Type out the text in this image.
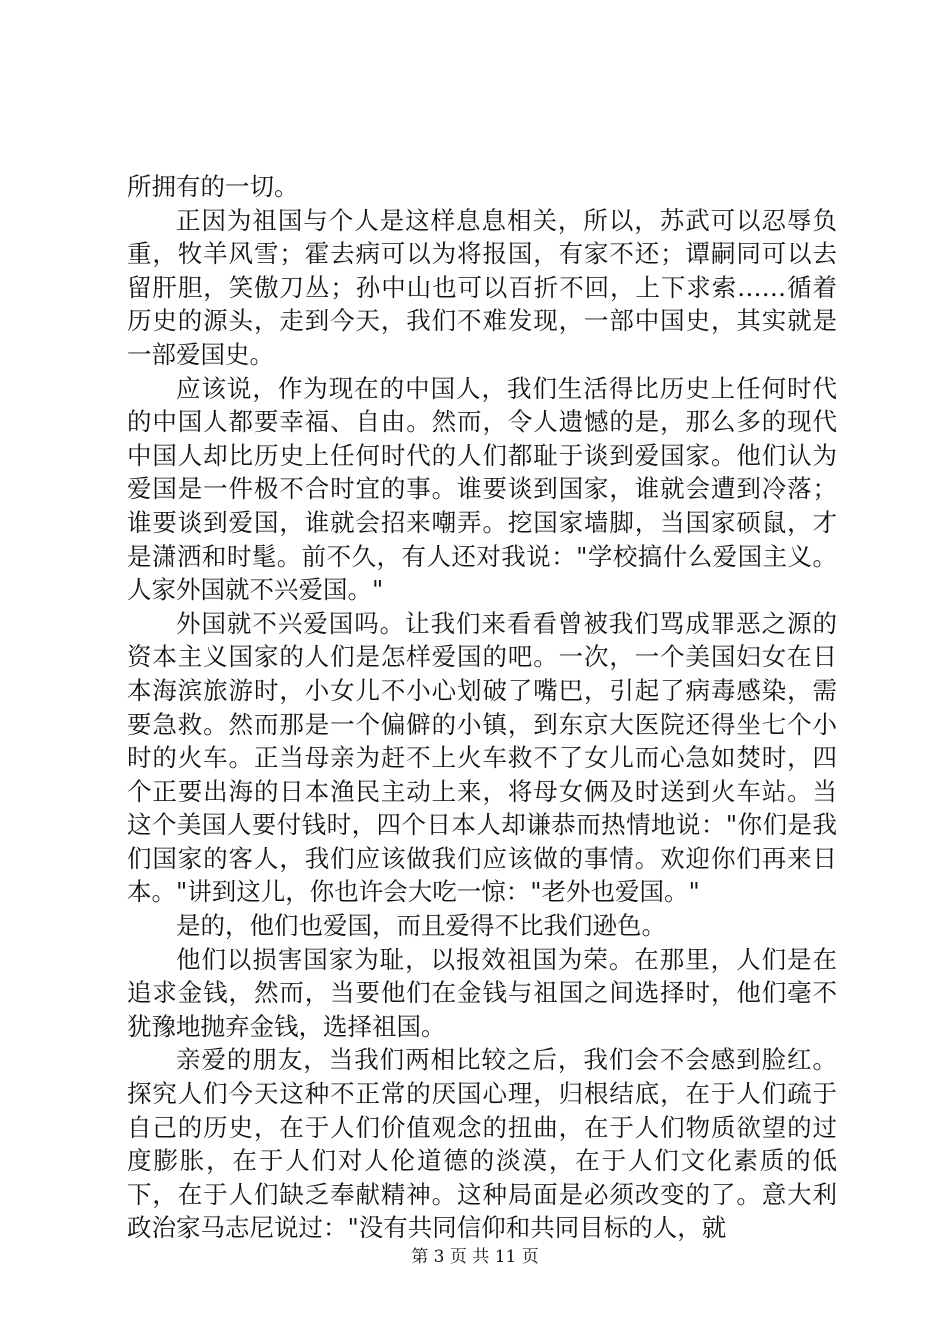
所拥有的一切。

正因为祖国与个人是这样息息相关，所以，苏武可以忍辱负重，牧羊风雪；霍去病可以为将报国，有家不还；谭嗣同可以去留肝胆，笑傲刀丛；孙中山也可以百折不回，上下求索……循着历史的源头，走到今天，我们不难发现，一部中国史，其实就是一部爱国史。

应该说，作为现在的中国人，我们生活得比历史上任何时代的中国人都要幸福、自由。然而，令人遗憾的是，那么多的现代中国人却比历史上任何时代的人们都耻于谈到爱国家。他们认为爱国是一件极不合时宜的事。谁要谈到国家，谁就会遭到冷落；谁要谈到爱国，谁就会招来嘲弄。挖国家墙脚，当国家硕鼠，才是潇洒和时髦。前不久，有人还对我说："学校搞什么爱国主义。人家外国就不兴爱国。"

外国就不兴爱国吗。让我们来看看曾被我们骂成罪恶之源的资本主义国家的人们是怎样爱国的吧。一次，一个美国妇女在日本海滨旅游时，小女儿不小心划破了嘴巴，引起了病毒感染，需要急救。然而那是一个偏僻的小镇，到东京大医院还得坐七个小时的火车。正当母亲为赶不上火车救不了女儿而心急如焚时，四个正要出海的日本渔民主动上来，将母女俩及时送到火车站。当这个美国人要付钱时，四个日本人却谦恭而热情地说："你们是我们国家的客人，我们应该做我们应该做的事情。欢迎你们再来日本。"讲到这儿，你也许会大吃一惊："老外也爱国。"

是的，他们也爱国，而且爱得不比我们逊色。

他们以损害国家为耻，以报效祖国为荣。在那里，人们是在追求金钱，然而，当要他们在金钱与祖国之间选择时，他们毫不犹豫地抛弃金钱，选择祖国。

亲爱的朋友，当我们两相比较之后，我们会不会感到脸红。探究人们今天这种不正常的厌国心理，归根结底，在于人们疏于自己的历史，在于人们价值观念的扭曲，在于人们物质欲望的过度膨胀，在于人们对人伦道德的淡漠，在于人们文化素质的低下，在于人们缺乏奉献精神。这种局面是必须改变的了。意大利政治家马志尼说过："没有共同信仰和共同目标的人，就

第 3 页 共 11 页
